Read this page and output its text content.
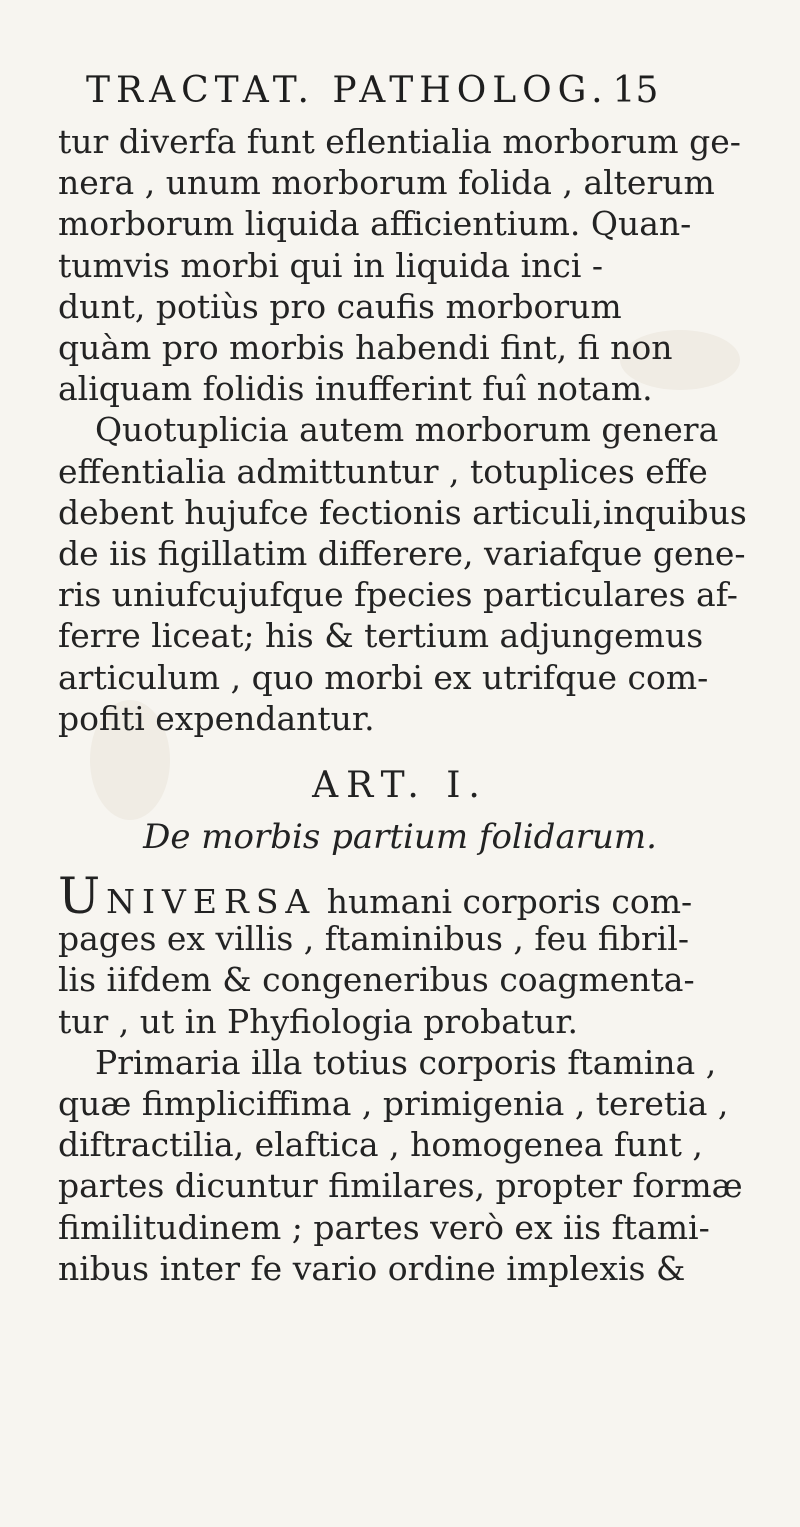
TRACTAT. PATHOLOG. 15
tur diverfa funt eflentialia morborum ge-
nera , unum morborum folida , alterum
morborum liquida afficientium. Quan-
tumvis morbi qui in liquida inci -
dunt, potiùs pro caufis morborum
quàm pro morbis habendi fint, fi non
aliquam folidis inufferint fuî notam.
Quotuplicia autem morborum genera
effentialia admittuntur , totuplices effe
debent hujufce fectionis articuli,inquibus
de iis figillatim differere, variafque gene-
ris uniufcujufque fpecies particulares af-
ferre liceat; his & tertium adjungemus
articulum , quo morbi ex utrifque com-
pofiti expendantur.
ART. I.
De morbis partium folidarum.
UNIVERSA humani corporis com-
pages ex villis , ftaminibus , feu fibril-
lis iifdem & congeneribus coagmenta-
tur , ut in Phyfiologia probatur.
Primaria illa totius corporis ftamina ,
quæ fimpliciffima , primigenia , teretia ,
diftractilia, elaftica , homogenea funt ,
partes dicuntur fimilares, propter formæ
fimilitudinem ; partes verò ex iis ftami-
nibus inter fe vario ordine implexis &
